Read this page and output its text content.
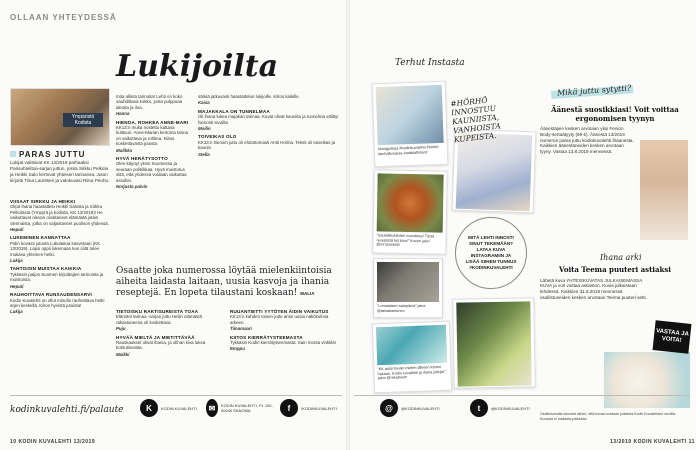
OLLAAN YHTEYDESSÄ
Lukijoilta
Ympäristö Kodista
PARAS JUTTU
Lukijat valitsivat KK 13/2019 parhaaksi Parisuhteiltoa-sarjan juttun, jossa Sirkku Pelkola ja Heikki Salo kertovat yhteisen tarinansa. Jutun kirjoitti Tiina Lauritsen ja valokuvasi Riina Peuhu.
VIISAAT SIRKKU JA HEIKKI

Olipa ihana haastattelu Heikki Salosta ja Sirkku Pelkolasta (Ympyrä ja kodista, KK 13/2019)! He vaikuttavat olevan oivaltaneet elämästä jotain olennaista, jotka on valjastaneet puolison yhdessä.

Hepuli
LUKEMINEN KANNATTAA

Pidin kovasti jutusta Lukutaitoa kasvetaan (KK 13/2019). Lapsi oppii lukemaan kun siitä tulee mukava yhteinen hetki.

Lukija
TAHTOISIN MUISTAA KAIKKIA

Tykkäsin paljon Suomen kirjoittajien tarinoista ja muistoista.

Hepuli
RAUHOITTAVA RUNSAUDENSARVI

Kodin Kuvalehti on ollut minulle rauhoittava hetki arjen keskellä. Kiitos hyvistä jutuista!

Lukija

mita allinta tarinoita! Lehti on koko vauhdittava kokko, josta pulppuaa ideoita ja iloa.

Hanna
HIENOA, ROHKEA ANNE-MARI

KK13:n muka nostettu kattava kulttuuri. Anne-Marian kertoma tarina on vaikuttava ja rohkea. Kiitos koskettavasta jutusta.

Mulikka
HYVÄ HERÄTYSOTTO

Olen käynyt yksin Suomessa ja seuraan politiikkaa. Hyvä muistutus siitä, että yhdessä voidaan vaikuttaa asioihin.

Norjasta paivin

särkiä jatkuvasti haastattelun lukijoille. Kiitos kaikille.

Kaisa
MAJAKKALA ON TUNNELMAA

Oli ihana lukea majakan tarinaa. Kuvat olivat kauniita ja tunnelma välittyi hienosti sivuilta.

Moilin
TOIVEIKAS OLO

KK13:n hienoin juttu oli ehdottomasti Antti Holma. Teksti oli toiveikas ja kaunis.

Stella
Osaatte joka numerossa löytää mielenkiintoisia aiheita laidasta laitaan, uusia kasvoja ja ihania reseptejä. En lopeta tilaustani koskaan! MALIA
TIETOISKU RAKTISUREISTA TOAA

Elämäni tarinaa -sarjan juttu Heilin elämästä rakastuneena oli koskettava.

Puju
HYVÄÄ MIELTÄ JA MIETITTÄVÄÄ

Rauskaukset olivat ihania, ja olihan kiva lukea kotirutiineista.

Maikki
RUUANTIETTI YYTÖTEN ÄIDIN VAIKUTUS

KK13:n kahden toisen juttu antoi uusia näkökulmia arkeen.

Tiinamaari
KIITOS KIERRÄTYSTEEMASTA

Tykkäsin Kodin kierrätysteemasta. Sain monta vinkkiä!

Emppu
kodinkuvalehti.fi/palaute	K	KODIN KUVALEHTI	✉	KODIN KUVALEHTI, PL 100, 00040 SANOMA	f	/KODINKUVALEHTI
10 KODIN KUVALEHTI 13/2019
Terhut Instasta
#koogjuttuja #kodinkuvalehti #hörhö #puhallusaesa #arabiafinland
"Saulaikkolaisten muodissa! Tästä reseptistä tuli kiva!" Kuvan jakoi @mrsbaskets
"Lomalaisen satopäivä" jakoi @tainakantonen
"KK antoi hyvän mielen jälkeen kenen hakaan. Kodin kuvalehti ja ihana juttuja!" jakoi @rekabuum
#HÖRHÖ INNOSTUU KAUNIISTA, VANHOISTA KUPEISTA.
MITÄ LEHTI INNOSTI SINUT TEKEMÄÄN? LATAA KUVA INSTAGRAMIIN JA LISÄÄ SIIHEN TUNNUS #KODINKUVALEHTI
Mikä juttu sytytti?
Äänestä suosikkiasi! Voit voittaa ergonomisen tyynyn

Äänestäjien kesken arvotaan yksi Fenion Body-sertaätyyty (89 €). Äänestä 13/2019 numeron paras juttu kodinkuvalehti.fi/aanesta. Kaikkien äänestäneiden kesken arvotaan tyyny. Vastaa 13.8.2019 mennessä.

Ihana arki
Voita Teema puuteri astiaksi

Lähetä kuva YHTEISKUVATAS JULKAISEMASSA KUVA ja voit voittaa astiaston. Kuvia julkaistaan lehdessä. Kaikkien 31.8.2019 mennessä osallistuneiden kesken arvotaan Teema puuteri-setti.

VASTAA JA VOITA!
Osallistumalla sitoudut siihen, että kuvasi voidaan julkaista Kodin Kuvalehden sivuilla. Kuvasta ei makseta palkkiota.
@	@KODINKUVALEHTI	t	@KODINKUVALEHTI
13/2019 KODIN KUVALEHTI 11
